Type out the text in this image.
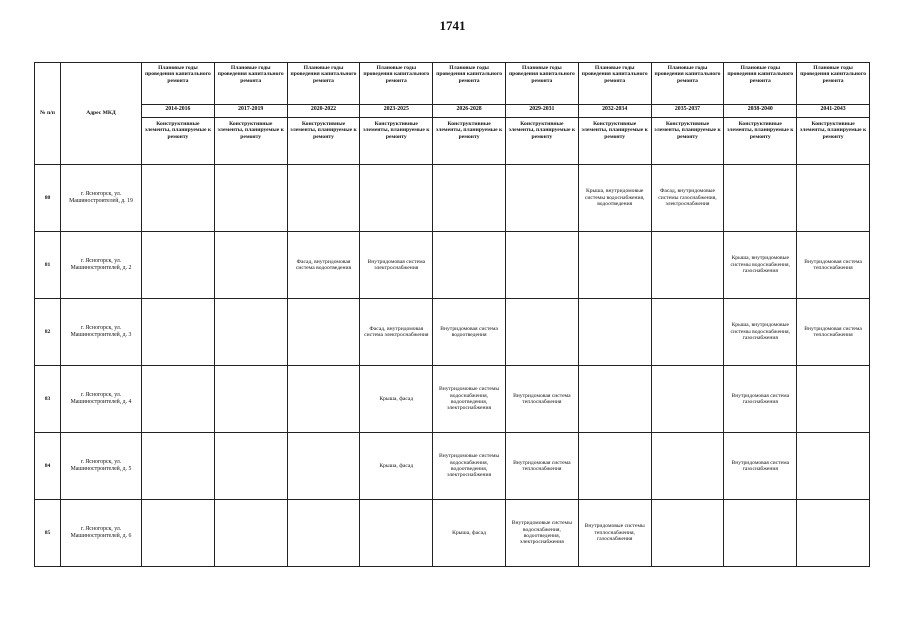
1741
№ п/п	Адрес МКД	Плановые годы проведения капитального ремонта	Плановые годы проведения капитального ремонта	Плановые годы проведения капитального ремонта	Плановые годы проведения капитального ремонта	Плановые годы проведения капитального ремонта	Плановые годы проведения капитального ремонта	Плановые годы проведения капитального ремонта	Плановые годы проведения капитального ремонта	Плановые годы проведения капитального ремонта	Плановые годы проведения капитального ремонта
		2014-2016	2017-2019	2020-2022	2023-2025	2026-2028	2029-2031	2032-2034	2035-2037	2038-2040	2041-2043
		Конструктивные элементы, планируемые к ремонту	Конструктивные элементы, планируемые к ремонту	Конструктивные элементы, планируемые к ремонту	Конструктивные элементы, планируемые к ремонту	Конструктивные элементы, планируемые к ремонту	Конструктивные элементы, планируемые к ремонту	Конструктивные элементы, планируемые к ремонту	Конструктивные элементы, планируемые к ремонту	Конструктивные элементы, планируемые к ремонту	Конструктивные элементы, планируемые к ремонту
80	г. Ясногорск, ул. Машиностроителей, д. 19							Крыша, внутридомовые системы водоснабжения, водоотведения	Фасад, внутридомовые системы газоснабжения, электроснабжения		
81	г. Ясногорск, ул. Машиностроителей, д. 2			Фасад, внутридомовая система водоотведения	Внутридомовая система электроснабжения					Крыша, внутридомовые системы водоснабжения, газоснабжения	Внутридомовая система теплоснабжения
82	г. Ясногорск, ул. Машиностроителей, д. 3				Фасад, внутридомовая система электроснабжения	Внутридомовая система водоотведения				Крыша, внутридомовые системы водоснабжения, газоснабжения	Внутридомовая система теплоснабжения
83	г. Ясногорск, ул. Машиностроителей, д. 4				Крыша, фасад	Внутридомовые системы водоснабжения, водоотведения, электроснабжения	Внутридомовая система теплоснабжения			Внутридомовая система газоснабжения	
84	г. Ясногорск, ул. Машиностроителей, д. 5				Крыша, фасад	Внутридомовые системы водоснабжения, водоотведения, электроснабжения	Внутридомовая система теплоснабжения			Внутридомовая система газоснабжения	
85	г. Ясногорск, ул. Машиностроителей, д. 6					Крыша, фасад	Внутридомовые системы водоснабжения, водоотведения, электроснабжения	Внутридомовые системы теплоснабжения, газоснабжения			
